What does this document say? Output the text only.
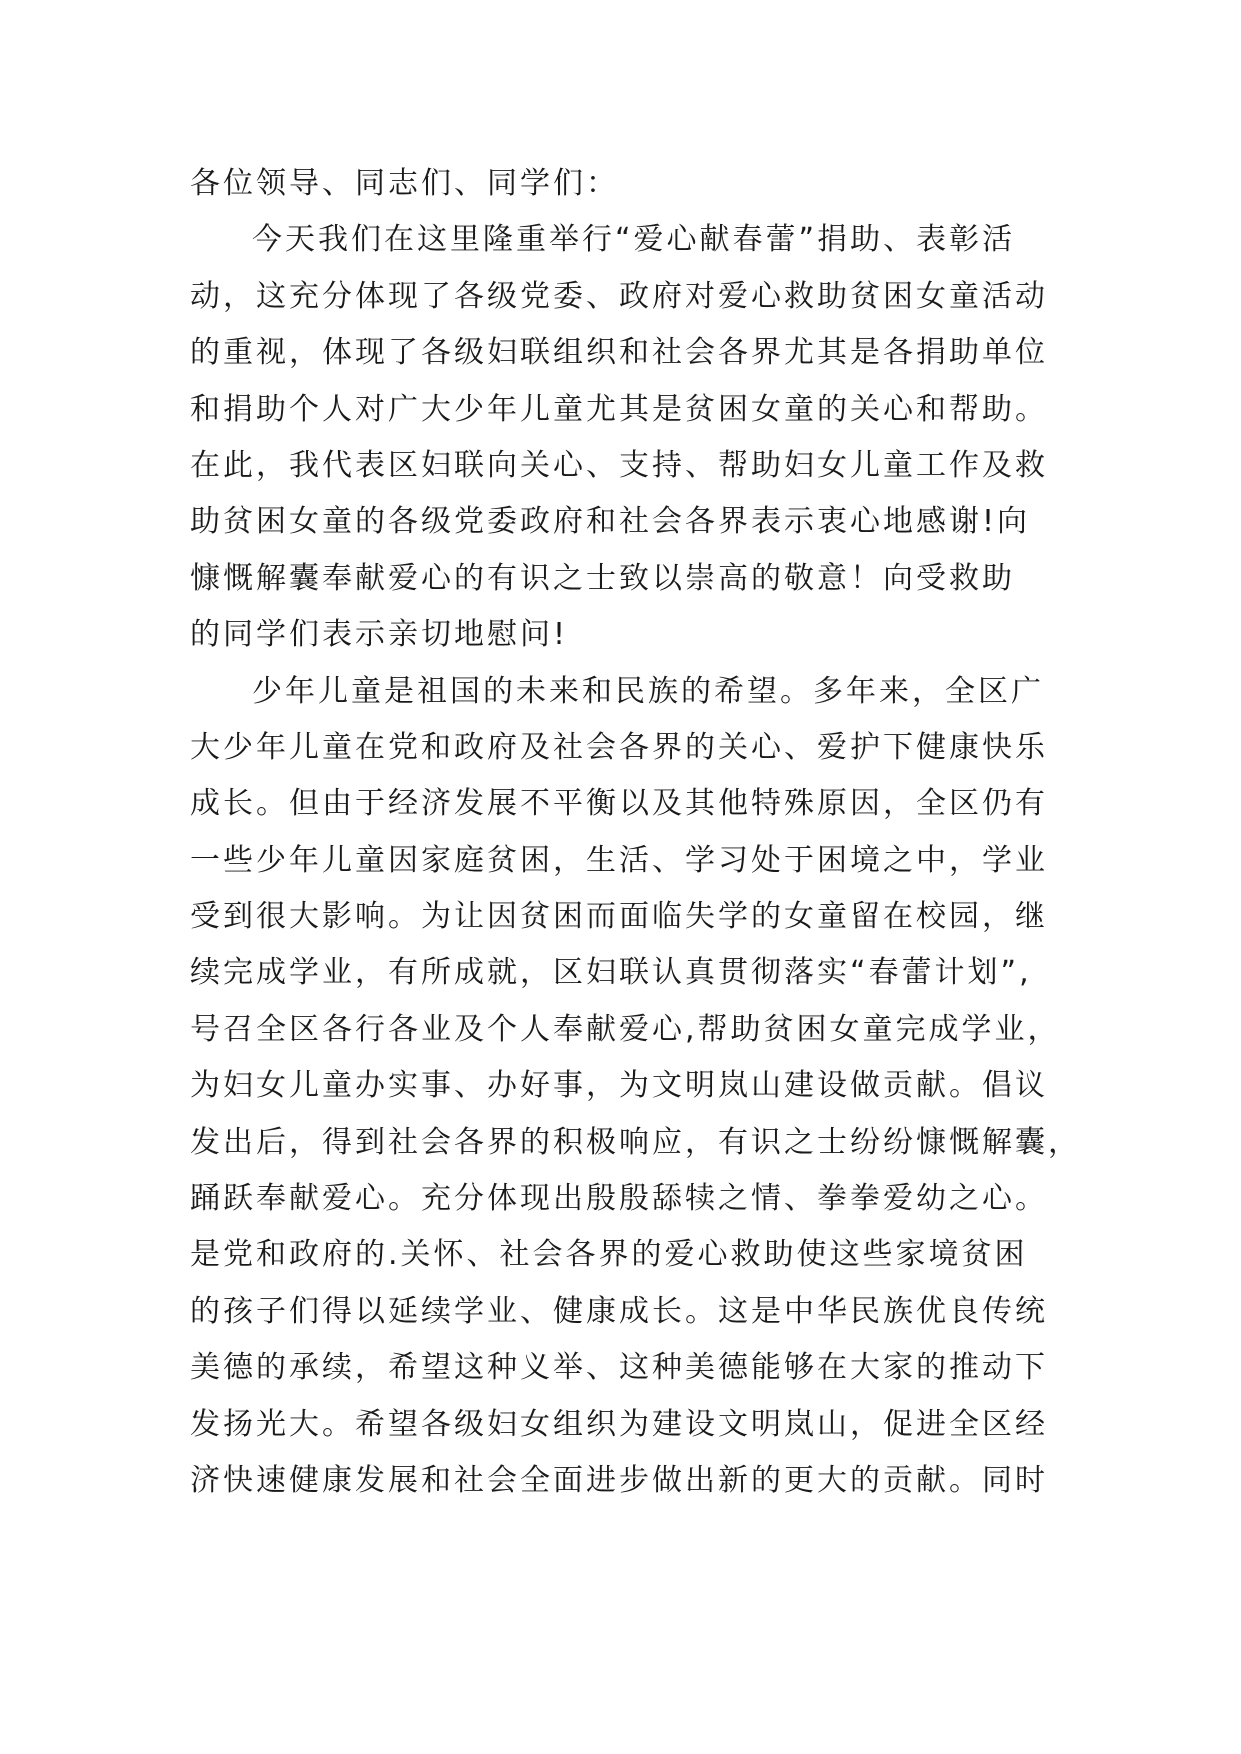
各位领导、同志们、同学们：
今天我们在这里隆重举行“爱心献春蕾”捐助、表彰活
动，这充分体现了各级党委、政府对爱心救助贫困女童活动
的重视，体现了各级妇联组织和社会各界尤其是各捐助单位
和捐助个人对广大少年儿童尤其是贫困女童的关心和帮助。
在此，我代表区妇联向关心、支持、帮助妇女儿童工作及救
助贫困女童的各级党委政府和社会各界表示衷心地感谢!向
慷慨解囊奉献爱心的有识之士致以崇高的敬意！向受救助
的同学们表示亲切地慰问!
少年儿童是祖国的未来和民族的希望。多年来，全区广
大少年儿童在党和政府及社会各界的关心、爱护下健康快乐
成长。但由于经济发展不平衡以及其他特殊原因，全区仍有
一些少年儿童因家庭贫困，生活、学习处于困境之中，学业
受到很大影响。为让因贫困而面临失学的女童留在校园，继
续完成学业，有所成就，区妇联认真贯彻落实“春蕾计划”,
号召全区各行各业及个人奉献爱心,帮助贫困女童完成学业，
为妇女儿童办实事、办好事，为文明岚山建设做贡献。倡议
发出后，得到社会各界的积极响应，有识之士纷纷慷慨解囊，
踊跃奉献爱心。充分体现出殷殷舔犊之情、拳拳爱幼之心。
是党和政府的.关怀、社会各界的爱心救助使这些家境贫困
的孩子们得以延续学业、健康成长。这是中华民族优良传统
美德的承续，希望这种义举、这种美德能够在大家的推动下
发扬光大。希望各级妇女组织为建设文明岚山，促进全区经
济快速健康发展和社会全面进步做出新的更大的贡献。同时
